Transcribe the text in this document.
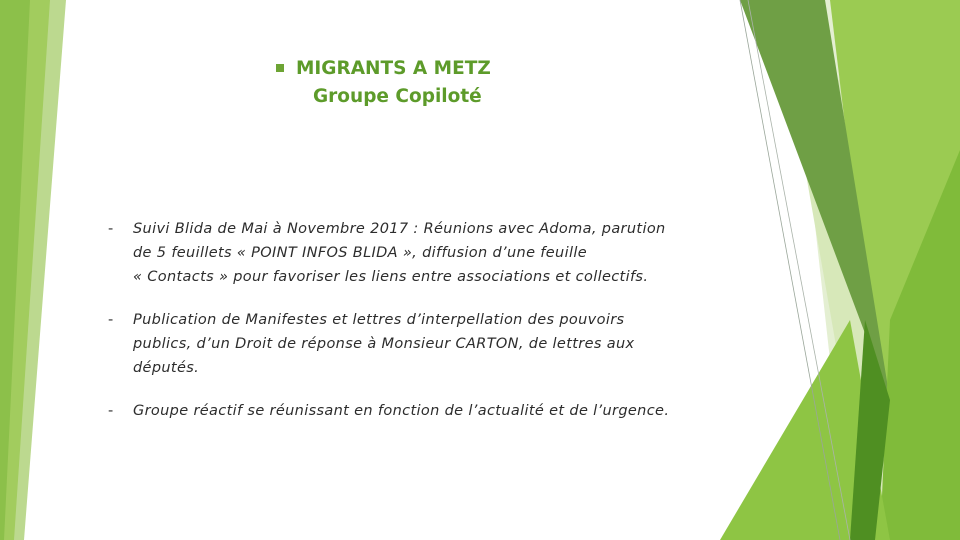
MIGRANTS A METZ
Groupe Copiloté
-	Suivi Blida de Mai à Novembre 2017 : Réunions avec Adoma, parution
de 5 feuillets « POINT INFOS BLIDA », diffusion d’une feuille
« Contacts » pour favoriser les liens entre associations et collectifs.
-	Publication de Manifestes et lettres d’interpellation des pouvoirs
publics, d’un Droit de réponse à Monsieur CARTON, de lettres aux
députés.
-	Groupe réactif se réunissant en fonction de l’actualité et de l’urgence.
